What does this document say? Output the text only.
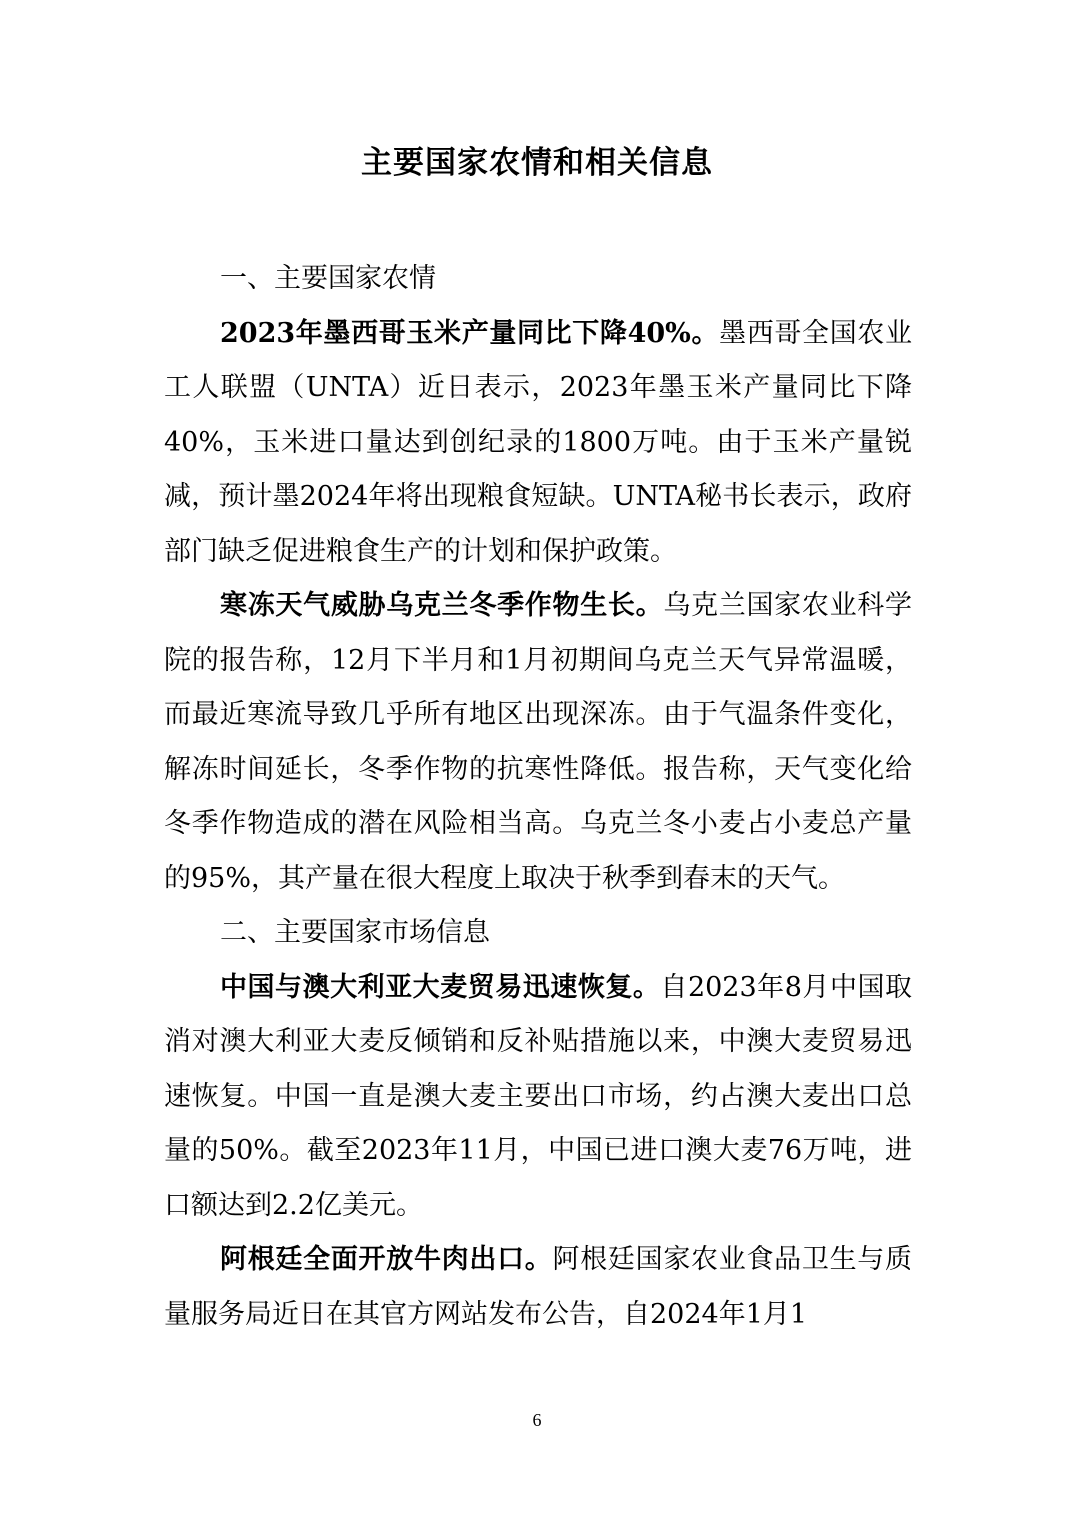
主要国家农情和相关信息
一、主要国家农情

2023年墨西哥玉米产量同比下降40%。墨西哥全国农业工人联盟（UNTA）近日表示，2023年墨玉米产量同比下降40%，玉米进口量达到创纪录的1800万吨。由于玉米产量锐减，预计墨2024年将出现粮食短缺。UNTA秘书长表示，政府部门缺乏促进粮食生产的计划和保护政策。

寒冻天气威胁乌克兰冬季作物生长。乌克兰国家农业科学院的报告称，12月下半月和1月初期间乌克兰天气异常温暖，而最近寒流导致几乎所有地区出现深冻。由于气温条件变化，解冻时间延长，冬季作物的抗寒性降低。报告称，天气变化给冬季作物造成的潜在风险相当高。乌克兰冬小麦占小麦总产量的95%，其产量在很大程度上取决于秋季到春末的天气。

二、主要国家市场信息

中国与澳大利亚大麦贸易迅速恢复。自2023年8月中国取消对澳大利亚大麦反倾销和反补贴措施以来，中澳大麦贸易迅速恢复。中国一直是澳大麦主要出口市场，约占澳大麦出口总量的50%。截至2023年11月，中国已进口澳大麦76万吨，进口额达到2.2亿美元。

阿根廷全面开放牛肉出口。阿根廷国家农业食品卫生与质量服务局近日在其官方网站发布公告，自2024年1月1

6
